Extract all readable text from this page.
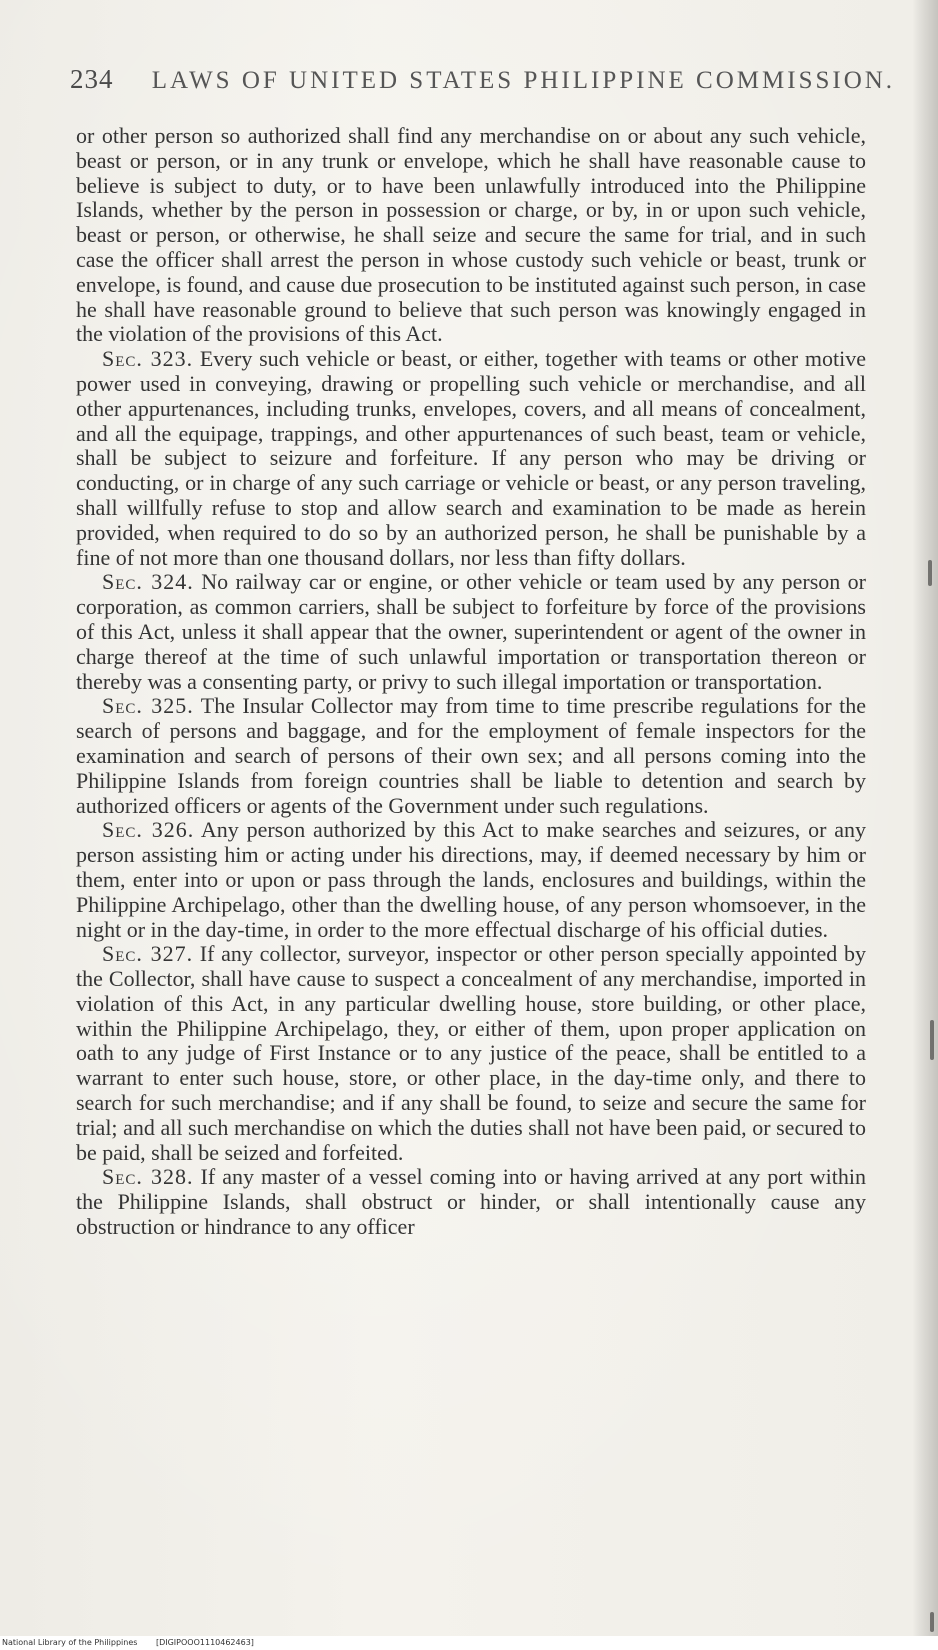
234 LAWS OF UNITED STATES PHILIPPINE COMMISSION.

or other person so authorized shall find any merchandise on or about any such vehicle, beast or person, or in any trunk or envelope, which he shall have reasonable cause to believe is subject to duty, or to have been unlawfully introduced into the Philippine Islands, whether by the person in possession or charge, or by, in or upon such vehicle, beast or person, or otherwise, he shall seize and secure the same for trial, and in such case the officer shall arrest the person in whose custody such vehicle or beast, trunk or envelope, is found, and cause due prosecution to be instituted against such person, in case he shall have reasonable ground to believe that such person was knowingly engaged in the violation of the provisions of this Act.

Sec. 323. Every such vehicle or beast, or either, together with teams or other motive power used in conveying, drawing or propelling such vehicle or merchandise, and all other appurtenances, including trunks, envelopes, covers, and all means of concealment, and all the equipage, trappings, and other appurtenances of such beast, team or vehicle, shall be subject to seizure and forfeiture. If any person who may be driving or conducting, or in charge of any such carriage or vehicle or beast, or any person traveling, shall willfully refuse to stop and allow search and examination to be made as herein provided, when required to do so by an authorized person, he shall be punishable by a fine of not more than one thousand dollars, nor less than fifty dollars.

Sec. 324. No railway car or engine, or other vehicle or team used by any person or corporation, as common carriers, shall be subject to forfeiture by force of the provisions of this Act, unless it shall appear that the owner, superintendent or agent of the owner in charge thereof at the time of such unlawful importation or transportation thereon or thereby was a consenting party, or privy to such illegal importation or transportation.

Sec. 325. The Insular Collector may from time to time prescribe regulations for the search of persons and baggage, and for the employment of female inspectors for the examination and search of persons of their own sex; and all persons coming into the Philippine Islands from foreign countries shall be liable to detention and search by authorized officers or agents of the Government under such regulations.

Sec. 326. Any person authorized by this Act to make searches and seizures, or any person assisting him or acting under his directions, may, if deemed necessary by him or them, enter into or upon or pass through the lands, enclosures and buildings, within the Philippine Archipelago, other than the dwelling house, of any person whomsoever, in the night or in the day-time, in order to the more effectual discharge of his official duties.

Sec. 327. If any collector, surveyor, inspector or other person specially appointed by the Collector, shall have cause to suspect a concealment of any merchandise, imported in violation of this Act, in any particular dwelling house, store building, or other place, within the Philippine Archipelago, they, or either of them, upon proper application on oath to any judge of First Instance or to any justice of the peace, shall be entitled to a warrant to enter such house, store, or other place, in the day-time only, and there to search for such merchandise; and if any shall be found, to seize and secure the same for trial; and all such merchandise on which the duties shall not have been paid, or secured to be paid, shall be seized and forfeited.

Sec. 328. If any master of a vessel coming into or having arrived at any port within the Philippine Islands, shall obstruct or hinder, or shall intentionally cause any obstruction or hindrance to any officer

National Library of the Philippines [DIGIPOOO1110462463]
